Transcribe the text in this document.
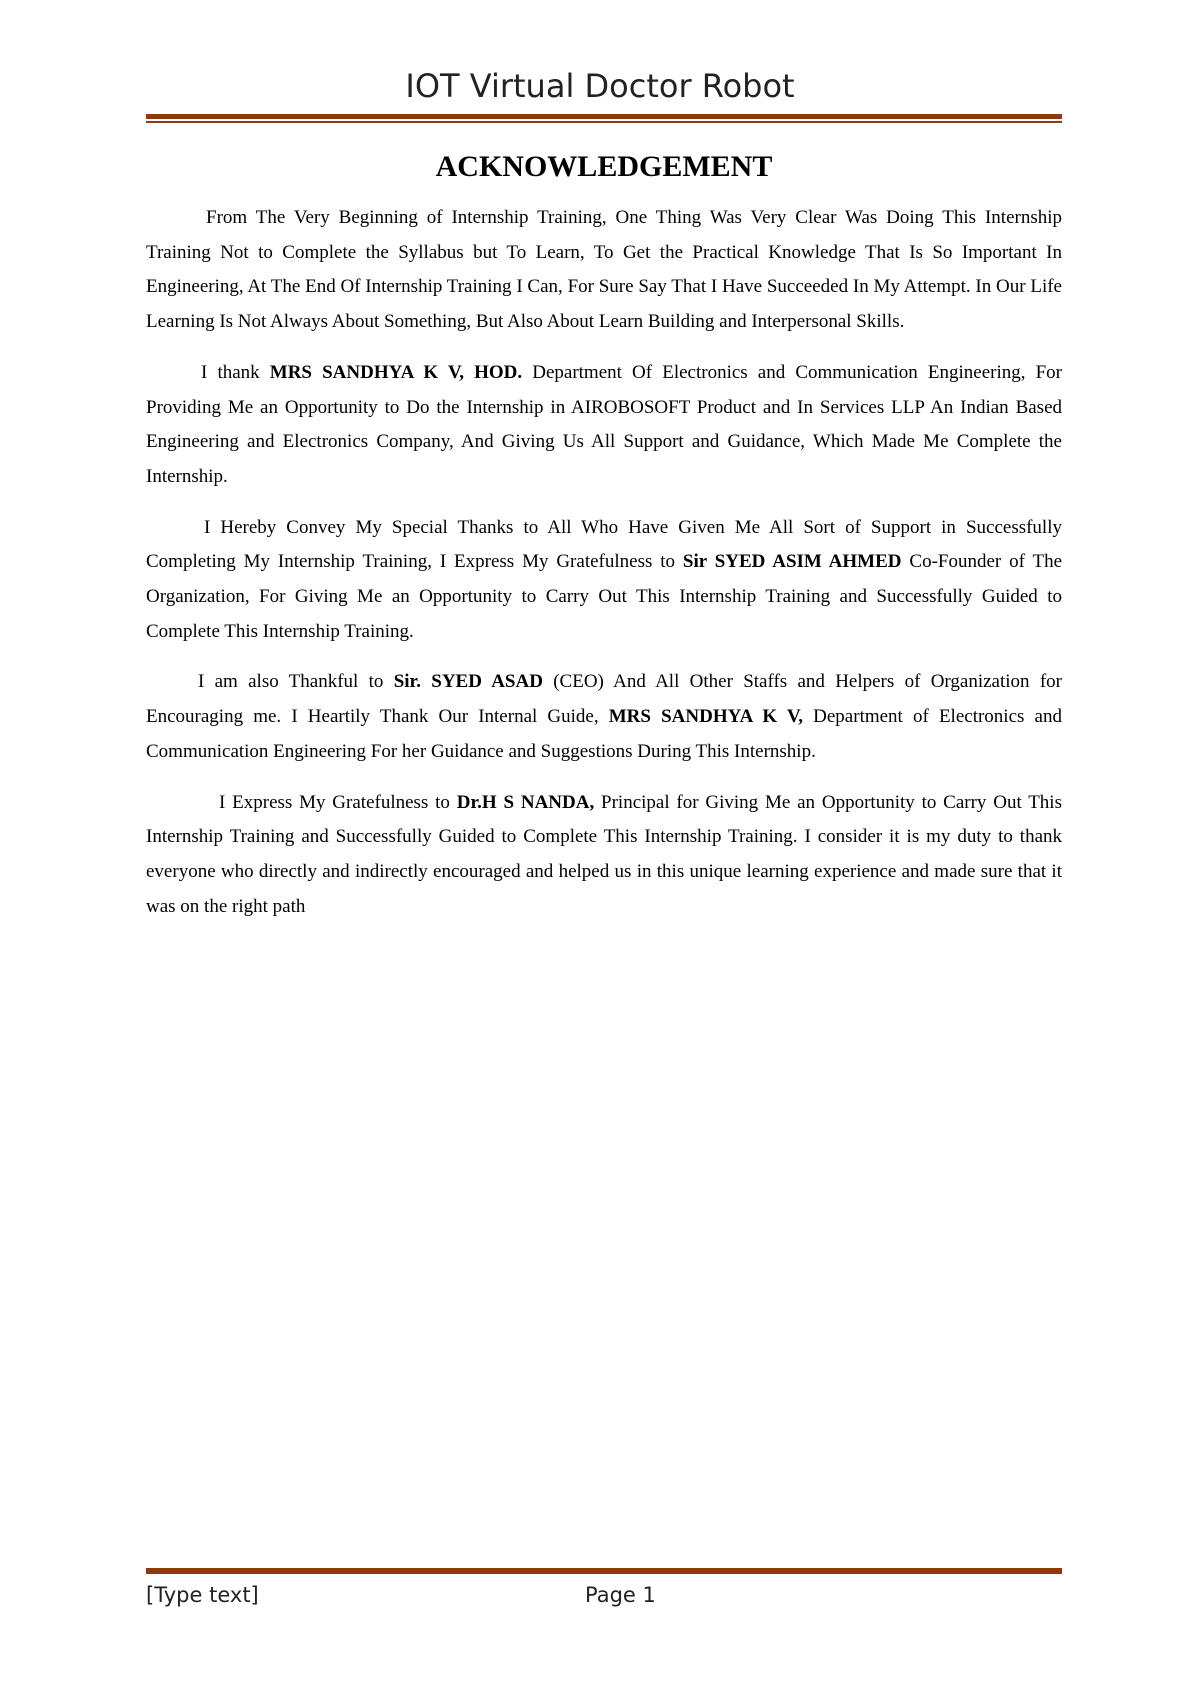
IOT Virtual Doctor Robot
ACKNOWLEDGEMENT

From The Very Beginning of Internship Training, One Thing Was Very Clear Was Doing This Internship Training Not to Complete the Syllabus but To Learn, To Get the Practical Knowledge That Is So Important In Engineering, At The End Of Internship Training I Can, For Sure Say That I Have Succeeded In My Attempt. In Our Life Learning Is Not Always About Something, But Also About Learn Building and Interpersonal Skills.

I thank MRS SANDHYA K V, HOD. Department Of Electronics and Communication Engineering, For Providing Me an Opportunity to Do the Internship in AIROBOSOFT Product and In Services LLP An Indian Based Engineering and Electronics Company, And Giving Us All Support and Guidance, Which Made Me Complete the Internship.

I Hereby Convey My Special Thanks to All Who Have Given Me All Sort of Support in Successfully Completing My Internship Training, I Express My Gratefulness to Sir SYED ASIM AHMED Co-Founder of The Organization, For Giving Me an Opportunity to Carry Out This Internship Training and Successfully Guided to Complete This Internship Training.

I am also Thankful to Sir. SYED ASAD (CEO) And All Other Staffs and Helpers of Organization for Encouraging me. I Heartily Thank Our Internal Guide, MRS SANDHYA K V, Department of Electronics and Communication Engineering For her Guidance and Suggestions During This Internship.

I Express My Gratefulness to Dr.H S NANDA, Principal for Giving Me an Opportunity to Carry Out This Internship Training and Successfully Guided to Complete This Internship Training. I consider it is my duty to thank everyone who directly and indirectly encouraged and helped us in this unique learning experience and made sure that it was on the right path

[Type text]	Page 1
